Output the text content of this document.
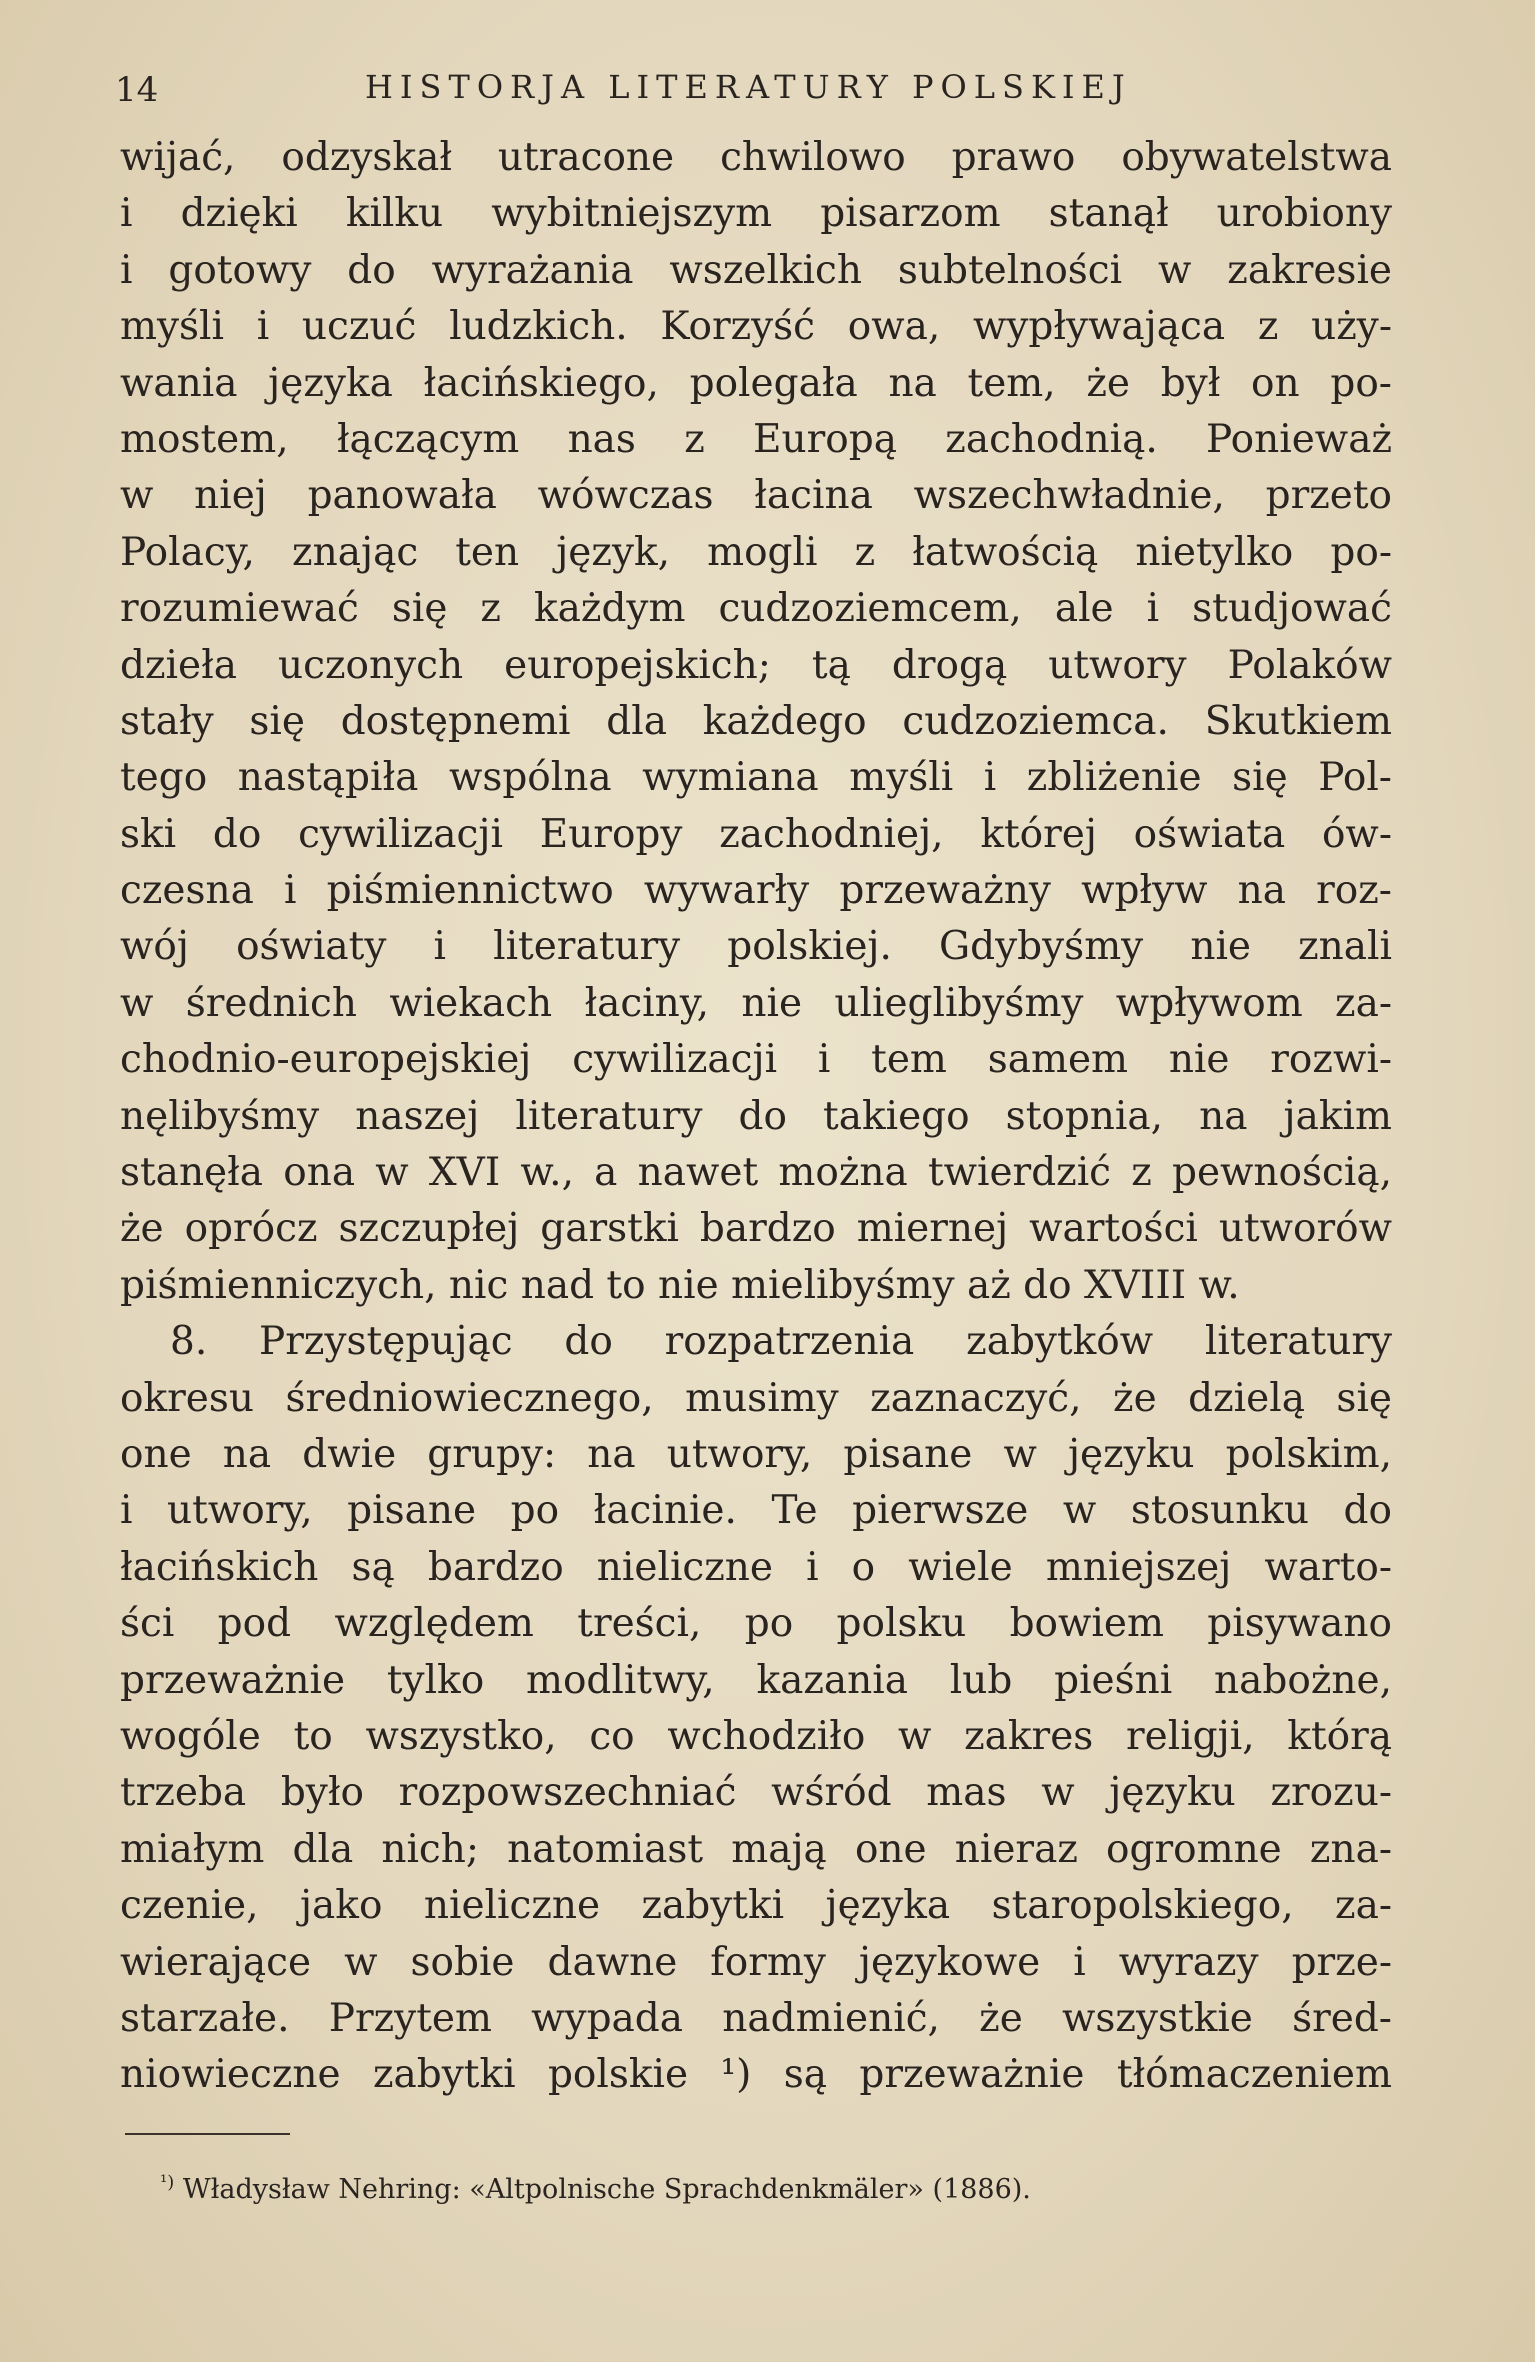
14	HISTORJA LITERATURY POLSKIEJ
wijać, odzyskał utracone chwilowo prawo obywatelstwa
i dzięki kilku wybitniejszym pisarzom stanął urobiony
i gotowy do wyrażania wszelkich subtelności w zakresie
myśli i uczuć ludzkich. Korzyść owa, wypływająca z uży-
wania języka łacińskiego, polegała na tem, że był on po-
mostem, łączącym nas z Europą zachodnią. Ponieważ
w niej panowała wówczas łacina wszechwładnie, przeto
Polacy, znając ten język, mogli z łatwością nietylko po-
rozumiewać się z każdym cudzoziemcem, ale i studjować
dzieła uczonych europejskich; tą drogą utwory Polaków
stały się dostępnemi dla każdego cudzoziemca. Skutkiem
tego nastąpiła wspólna wymiana myśli i zbliżenie się Pol-
ski do cywilizacji Europy zachodniej, której oświata ów-
czesna i piśmiennictwo wywarły przeważny wpływ na roz-
wój oświaty i literatury polskiej. Gdybyśmy nie znali
w średnich wiekach łaciny, nie ulieglibyśmy wpływom za-
chodnio-europejskiej cywilizacji i tem samem nie rozwi-
nęlibyśmy naszej literatury do takiego stopnia, na jakim
stanęła ona w XVI w., a nawet można twierdzić z pewnością,
że oprócz szczupłej garstki bardzo miernej wartości utworów
piśmienniczych, nic nad to nie mielibyśmy aż do XVIII w.
8. Przystępując do rozpatrzenia zabytków literatury
okresu średniowiecznego, musimy zaznaczyć, że dzielą się
one na dwie grupy: na utwory, pisane w języku polskim,
i utwory, pisane po łacinie. Te pierwsze w stosunku do
łacińskich są bardzo nieliczne i o wiele mniejszej warto-
ści pod względem treści, po polsku bowiem pisywano
przeważnie tylko modlitwy, kazania lub pieśni nabożne,
wogóle to wszystko, co wchodziło w zakres religji, którą
trzeba było rozpowszechniać wśród mas w języku zrozu-
miałym dla nich; natomiast mają one nieraz ogromne zna-
czenie, jako nieliczne zabytki języka staropolskiego, za-
wierające w sobie dawne formy językowe i wyrazy prze-
starzałe. Przytem wypada nadmienić, że wszystkie śred-
niowieczne zabytki polskie ¹) są przeważnie tłómaczeniem
$^{^1)}$ Władysław Nehring: «Altpolnische Sprachdenkmäler» (1886).
